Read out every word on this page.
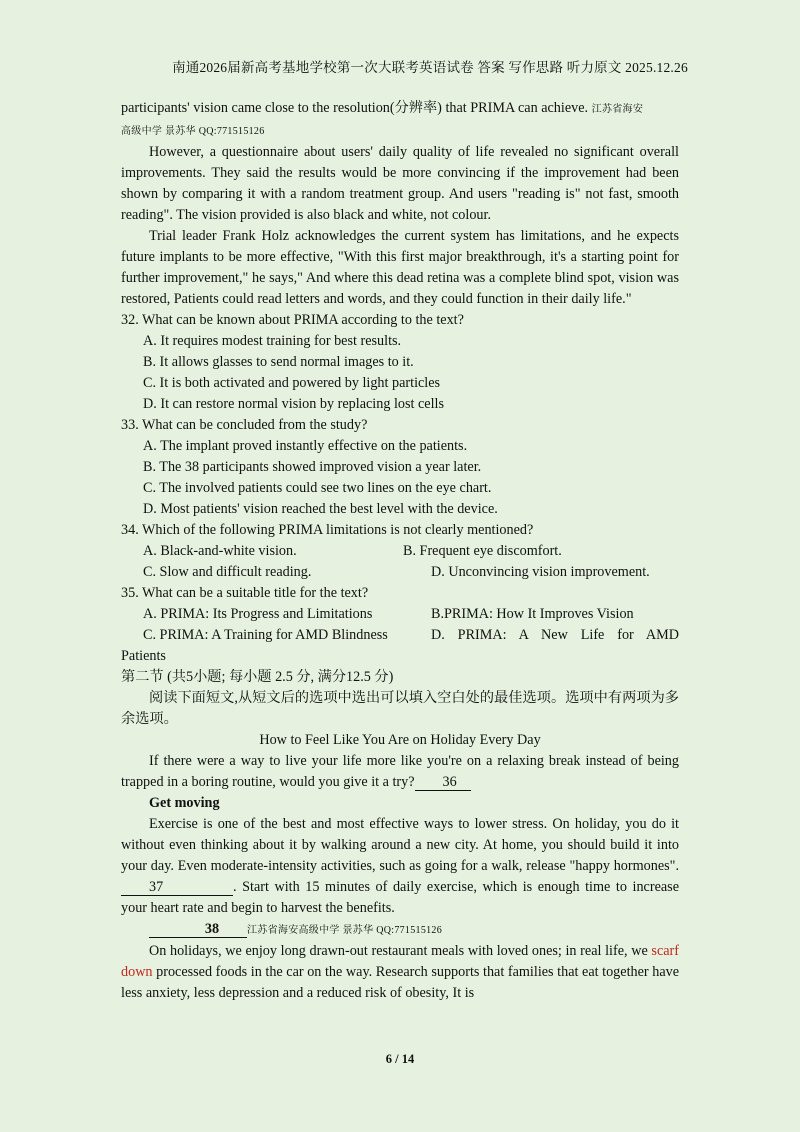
南通2026届新高考基地学校第一次大联考英语试卷 答案 写作思路 听力原文 2025.12.26

participants' vision came close to the resolution(分辨率) that PRIMA can achieve. 江苏省海安
高级中学 景苏华 QQ:771515126

However, a questionnaire about users' daily quality of life revealed no significant overall improvements. They said the results would be more convincing if the improvement had been shown by comparing it with a random treatment group. And users "reading is" not fast, smooth reading". The vision provided is also black and white, not colour.

Trial leader Frank Holz acknowledges the current system has limitations, and he expects future implants to be more effective, "With this first major breakthrough, it's a starting point for further improvement," he says," And where this dead retina was a complete blind spot, vision was restored, Patients could read letters and words, and they could function in their daily life."

32. What can be known about PRIMA according to the text?

A. It requires modest training for best results.

B. It allows glasses to send normal images to it.

C. It is both activated and powered by light particles

D. It can restore normal vision by replacing lost cells

33. What can be concluded from the study?

A. The implant proved instantly effective on the patients.

B. The 38 participants showed improved vision a year later.

C. The involved patients could see two lines on the eye chart.

D. Most patients' vision reached the best level with the device.

34. Which of the following PRIMA limitations is not clearly mentioned?

A. Black-and-white vision.	B. Frequent eye discomfort.
C. Slow and difficult reading.	D. Unconvincing vision improvement.

35. What can be a suitable title for the text?

A. PRIMA: Its Progress and Limitations	B.PRIMA: How It Improves Vision
C. PRIMA: A Training for AMD Blindness	D. PRIMA: A New Life for AMD

Patients

第二节 (共5小题; 每小题 2.5 分, 满分12.5 分)

阅读下面短文,从短文后的选项中选出可以填入空白处的最佳选项。选项中有两项为多余选项。

How to Feel Like You Are on Holiday Every Day

If there were a way to live your life more like you're on a relaxing break instead of being trapped in a boring routine, would you give it a try? 36

Get moving

Exercise is one of the best and most effective ways to lower stress. On holiday, you do it without even thinking about it by walking around a new city. At home, you should build it into your day. Even moderate-intensity activities, such as going for a walk, release "happy hormones". 37	. Start with 15 minutes of daily exercise, which is enough time to increase your heart rate and begin to harvest the benefits.

38	江苏省海安高级中学 景苏华 QQ:771515126

On holidays, we enjoy long drawn-out restaurant meals with loved ones; in real life, we scarf down processed foods in the car on the way. Research supports that families that eat together have less anxiety, less depression and a reduced risk of obesity, It is

6 / 14
